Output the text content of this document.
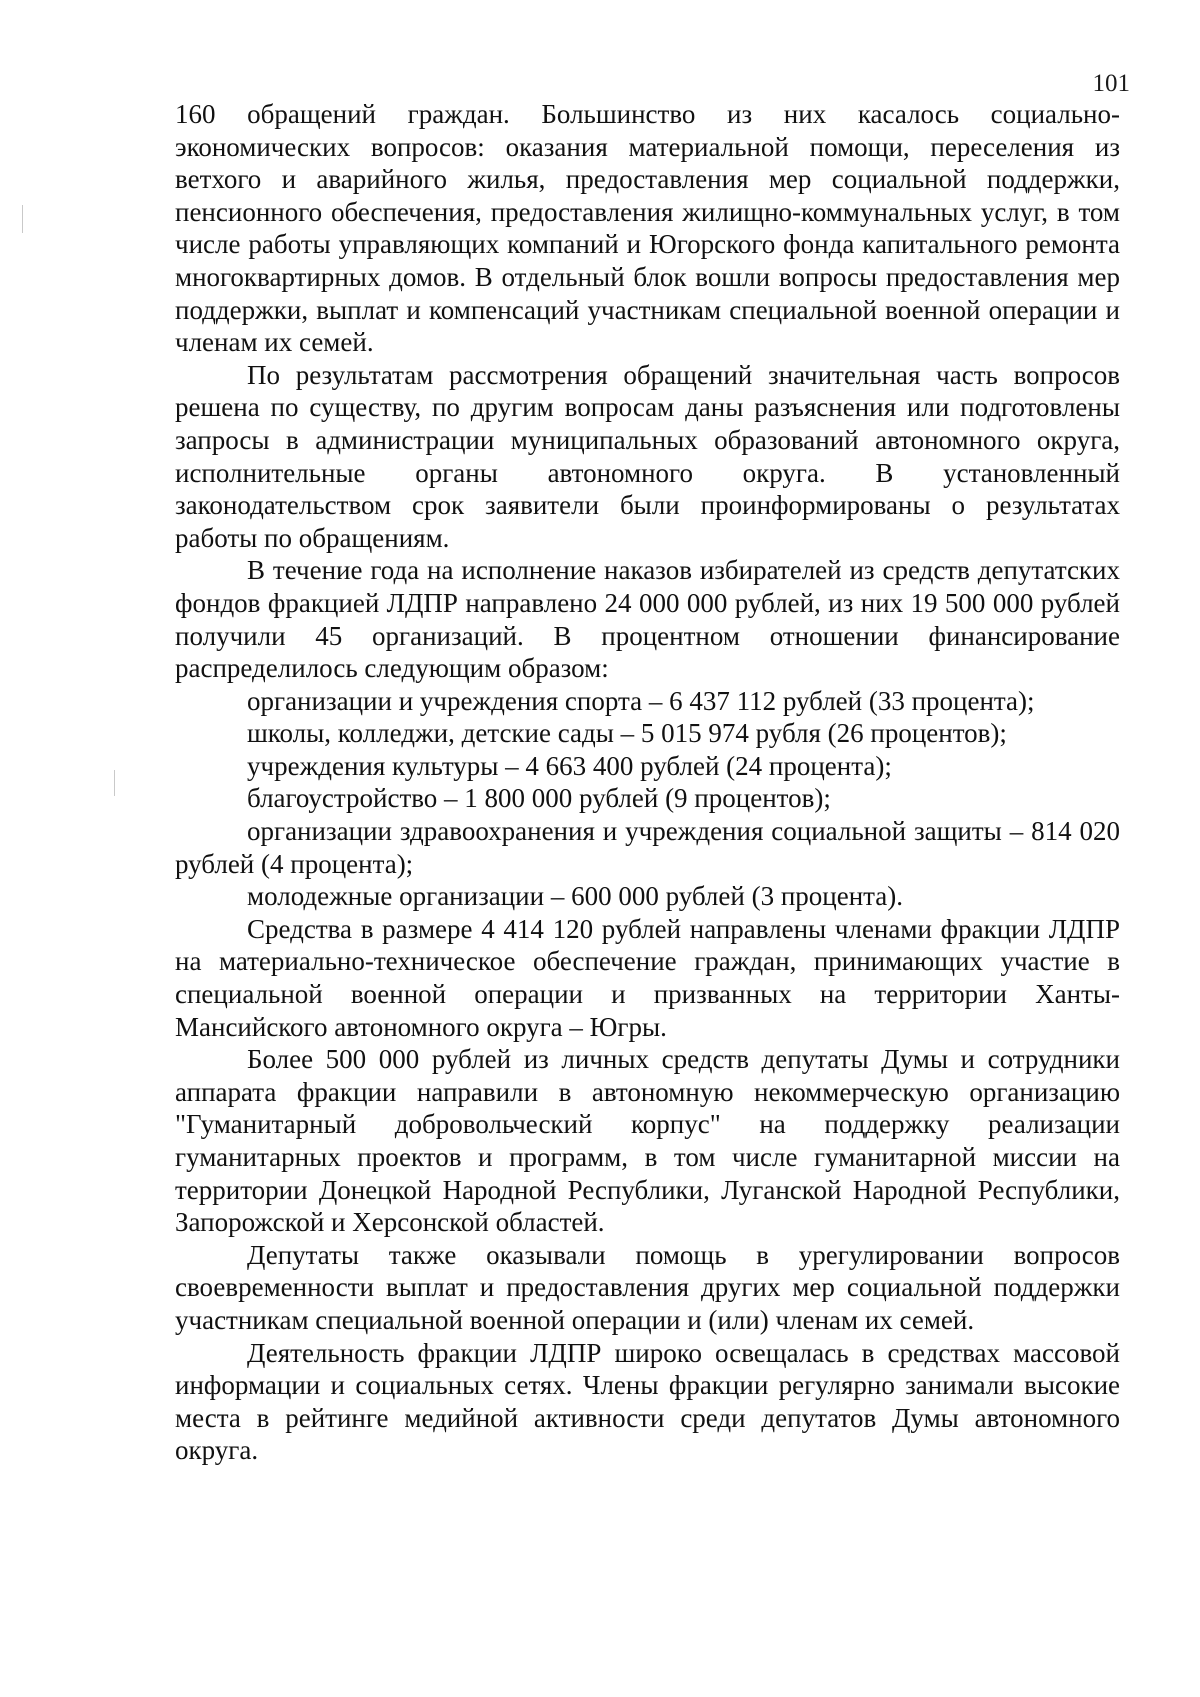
101

160 обращений граждан. Большинство из них касалось социально-экономических вопросов: оказания материальной помощи, переселения из ветхого и аварийного жилья, предоставления мер социальной поддержки, пенсионного обеспечения, предоставления жилищно-коммунальных услуг, в том числе работы управляющих компаний и Югорского фонда капитального ремонта многоквартирных домов. В отдельный блок вошли вопросы предоставления мер поддержки, выплат и компенсаций участникам специальной военной операции и членам их семей.

По результатам рассмотрения обращений значительная часть вопросов решена по существу, по другим вопросам даны разъяснения или подготовлены запросы в администрации муниципальных образований автономного округа, исполнительные органы автономного округа. В установленный законодательством срок заявители были проинформированы о результатах работы по обращениям.

В течение года на исполнение наказов избирателей из средств депутатских фондов фракцией ЛДПР направлено 24 000 000 рублей, из них 19 500 000 рублей получили 45 организаций. В процентном отношении финансирование распределилось следующим образом:

организации и учреждения спорта – 6 437 112 рублей (33 процента);

школы, колледжи, детские сады – 5 015 974 рубля (26 процентов);

учреждения культуры – 4 663 400 рублей (24 процента);

благоустройство – 1 800 000 рублей (9 процентов);

организации здравоохранения и учреждения социальной защиты – 814 020 рублей (4 процента);

молодежные организации – 600 000 рублей (3 процента).

Средства в размере 4 414 120 рублей направлены членами фракции ЛДПР на материально-техническое обеспечение граждан, принимающих участие в специальной военной операции и призванных на территории Ханты-Мансийского автономного округа – Югры.

Более 500 000 рублей из личных средств депутаты Думы и сотрудники аппарата фракции направили в автономную некоммерческую организацию "Гуманитарный добровольческий корпус" на поддержку реализации гуманитарных проектов и программ, в том числе гуманитарной миссии на территории Донецкой Народной Республики, Луганской Народной Республики, Запорожской и Херсонской областей.

Депутаты также оказывали помощь в урегулировании вопросов своевременности выплат и предоставления других мер социальной поддержки участникам специальной военной операции и (или) членам их семей.

Деятельность фракции ЛДПР широко освещалась в средствах массовой информации и социальных сетях. Члены фракции регулярно занимали высокие места в рейтинге медийной активности среди депутатов Думы автономного округа.
